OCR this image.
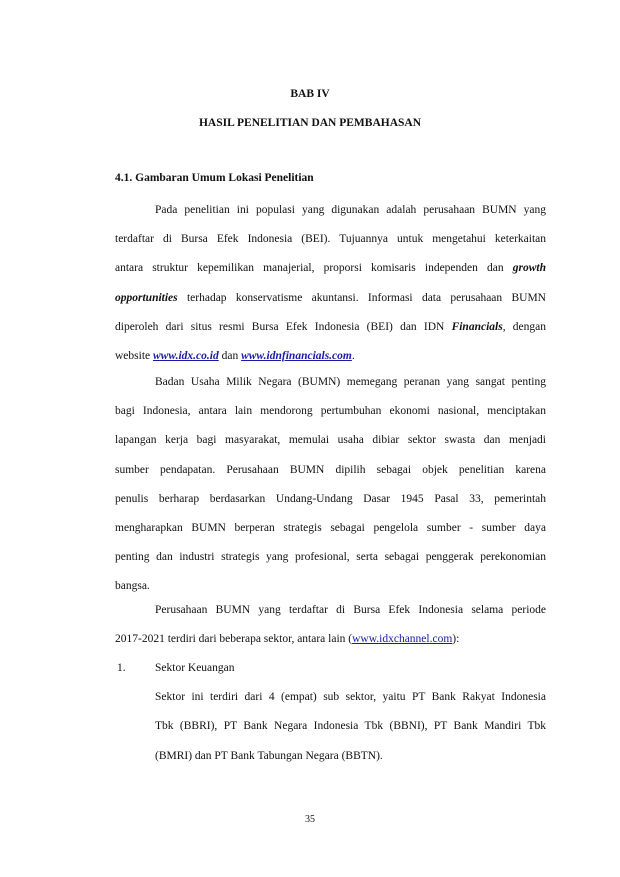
BAB IV
HASIL PENELITIAN DAN PEMBAHASAN
4.1. Gambaran Umum Lokasi Penelitian
Pada penelitian ini populasi yang digunakan adalah perusahaan BUMN yang
terdaftar di Bursa Efek Indonesia (BEI). Tujuannya untuk mengetahui keterkaitan
antara struktur kepemilikan manajerial, proporsi komisaris independen dan growth
opportunities terhadap konservatisme akuntansi. Informasi data perusahaan BUMN
diperoleh dari situs resmi Bursa Efek Indonesia (BEI) dan IDN Financials, dengan
website www.idx.co.id dan www.idnfinancials.com.
Badan Usaha Milik Negara (BUMN) memegang peranan yang sangat penting
bagi Indonesia, antara lain mendorong pertumbuhan ekonomi nasional, menciptakan
lapangan kerja bagi masyarakat, memulai usaha dibiar sektor swasta dan menjadi
sumber pendapatan. Perusahaan BUMN dipilih sebagai objek penelitian karena
penulis berharap berdasarkan Undang-Undang Dasar 1945 Pasal 33, pemerintah
mengharapkan BUMN berperan strategis sebagai pengelola sumber - sumber daya
penting dan industri strategis yang profesional, serta sebagai penggerak perekonomian
bangsa.
Perusahaan BUMN yang terdaftar di Bursa Efek Indonesia selama periode
2017-2021 terdiri dari beberapa sektor, antara lain (www.idxchannel.com):
1.	Sektor Keuangan
Sektor ini terdiri dari 4 (empat) sub sektor, yaitu PT Bank Rakyat Indonesia
Tbk (BBRI), PT Bank Negara Indonesia Tbk (BBNI), PT Bank Mandiri Tbk
(BMRI) dan PT Bank Tabungan Negara (BBTN).
35
